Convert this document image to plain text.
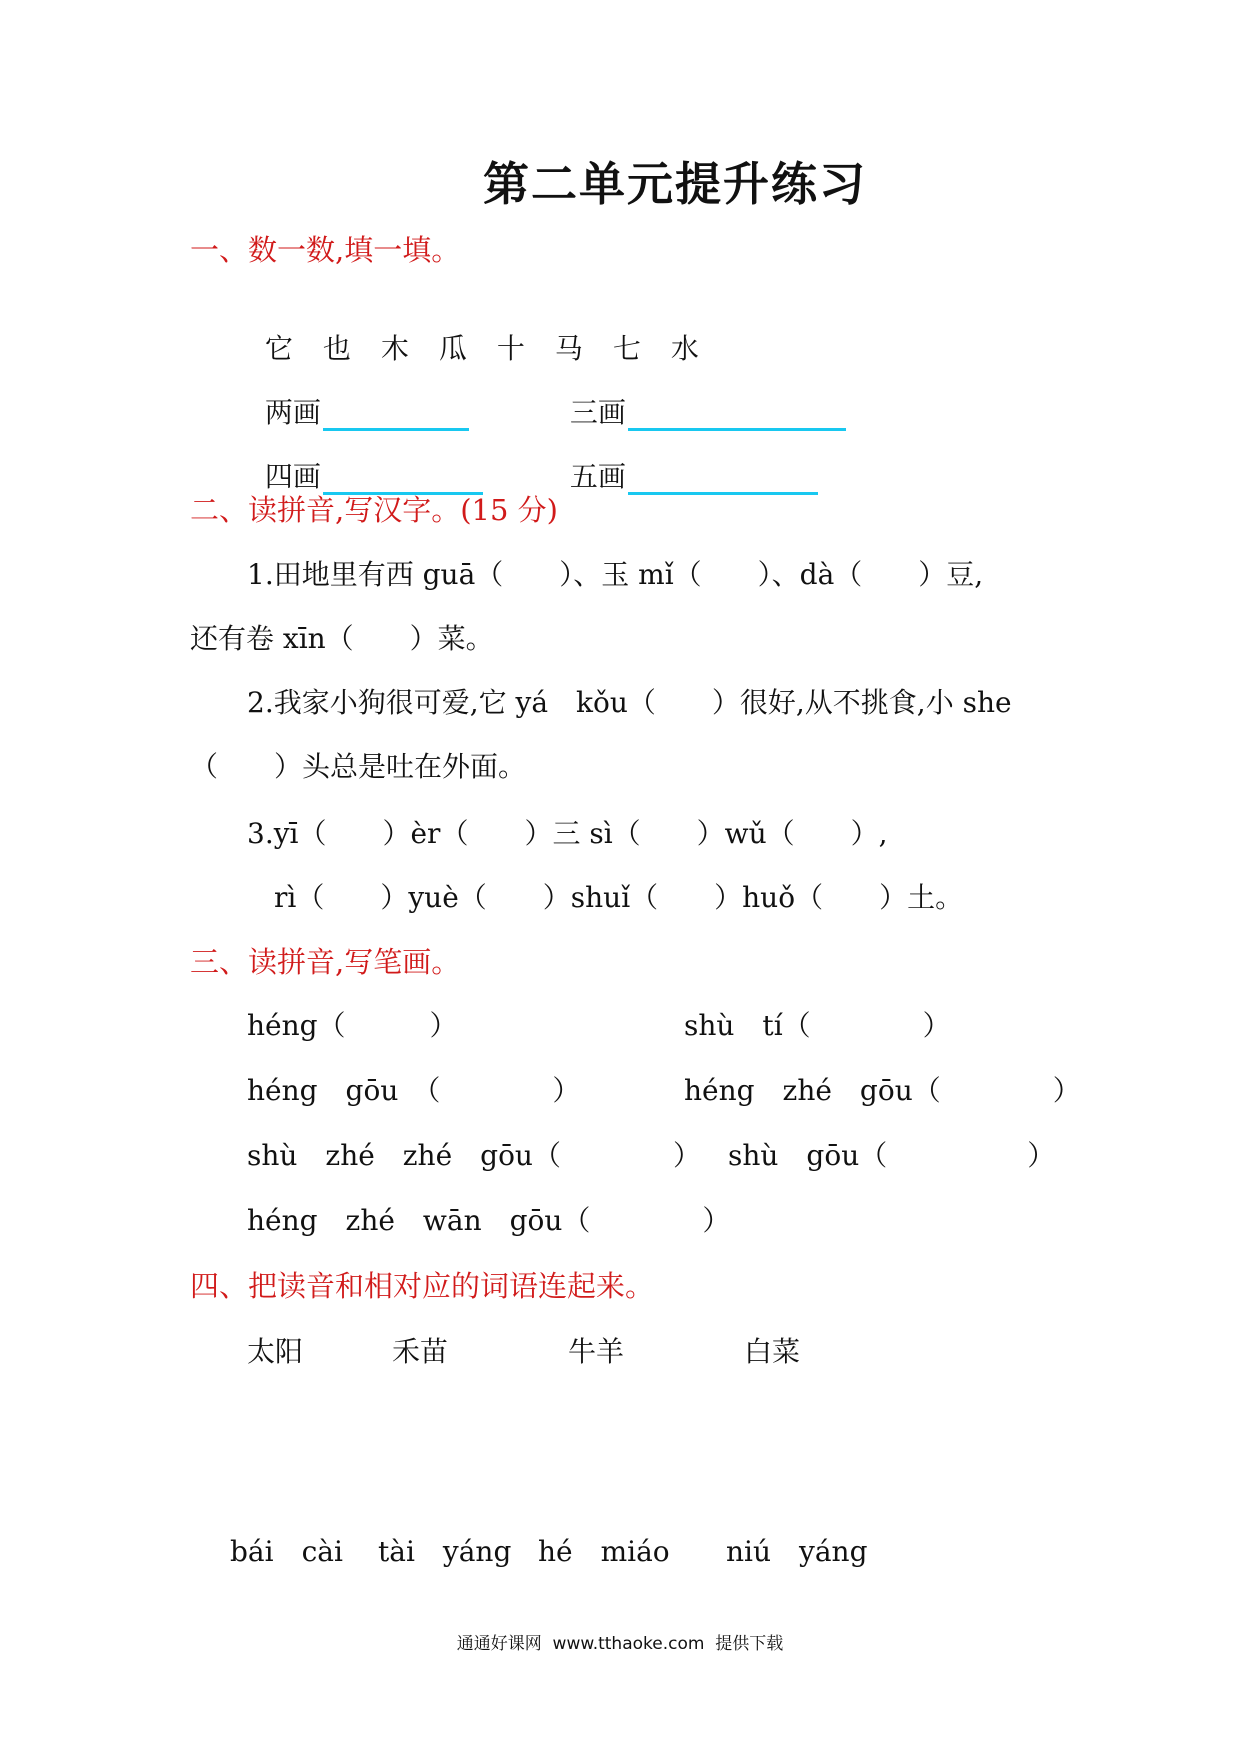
第二单元提升练习
一、数一数,填一填。

它 也 木 瓜 十 马 七 水

两画	三画

四画	五画

二、读拼音,写汉字。(15 分)
1.田地里有西 guā（　　）、玉 mǐ（　　）、dà（　　）豆,
还有卷 xīn（　　）菜。
2.我家小狗很可爱,它 yá　kǒu（　　）很好,从不挑食,小 she
（　　）头总是吐在外面。
3.yī（　　）èr（　　）三 sì（　　）wǔ（　　）,
rì（　　）yuè（　　）shuǐ（　　）huǒ（　　）土。
三、读拼音,写笔画。
héng（　　　）	shù　tí（　　　　）
héng　gōu　（　　　　）	héng　zhé　gōu（　　　　）
shù　zhé　zhé　gōu（　　　　） shù　gōu（　　　　　）
héng　zhé　wān　gōu（　　　　）
四、把读音和相对应的词语连起来。
太阳	禾苗	牛羊	白菜
bái　cài tài　yáng hé　miáo niú　yáng
通通好课网  www.tthaoke.com  提供下载
